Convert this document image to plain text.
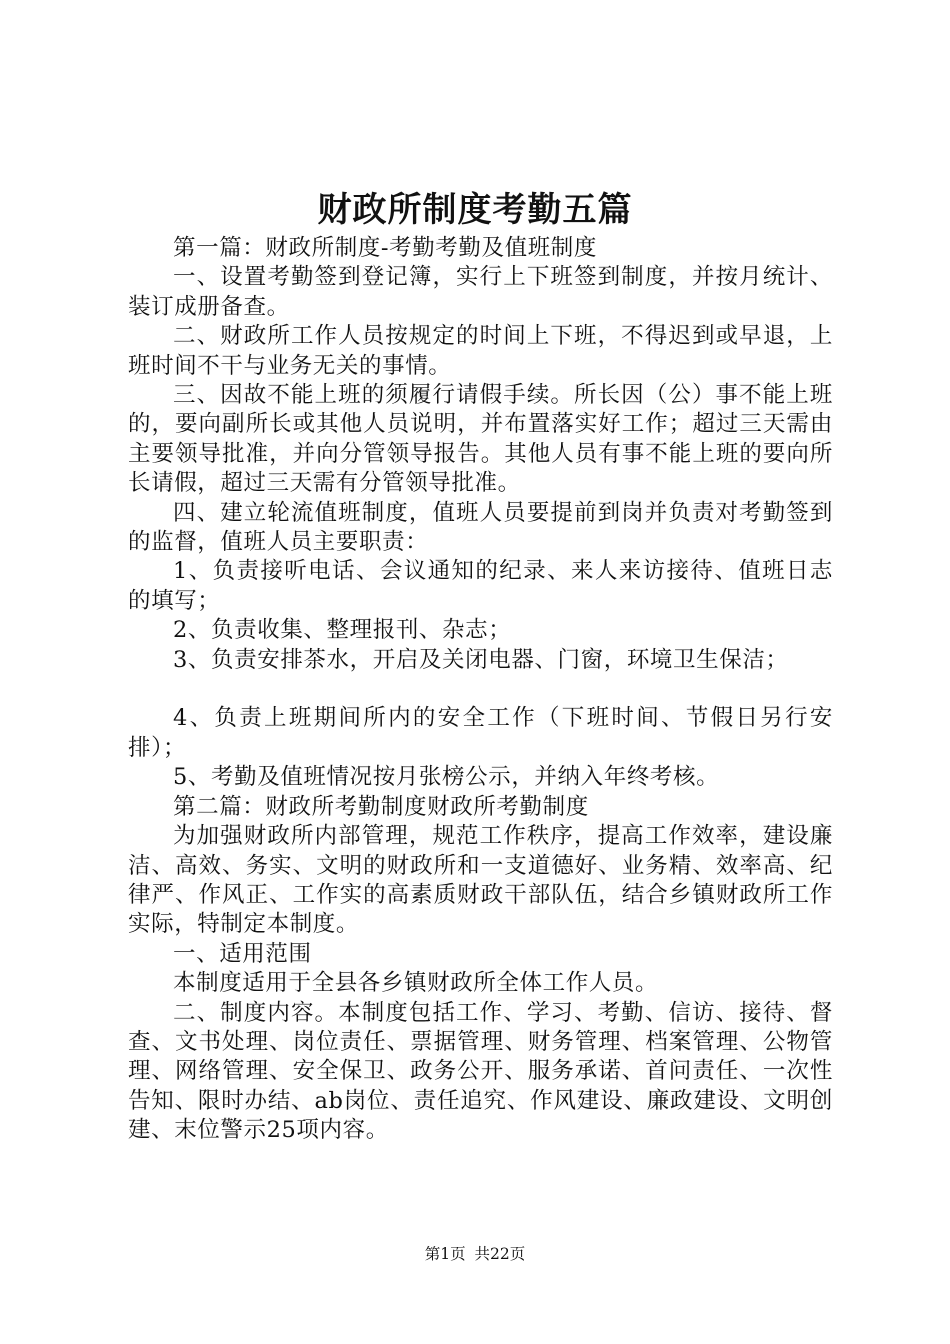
财政所制度考勤五篇

第一篇：财政所制度-考勤考勤及值班制度

一、设置考勤签到登记簿，实行上下班签到制度，并按月统计、装订成册备查。

二、财政所工作人员按规定的时间上下班，不得迟到或早退，上班时间不干与业务无关的事情。

三、因故不能上班的须履行请假手续。所长因（公）事不能上班的，要向副所长或其他人员说明，并布置落实好工作；超过三天需由主要领导批准，并向分管领导报告。其他人员有事不能上班的要向所长请假，超过三天需有分管领导批准。

四、建立轮流值班制度，值班人员要提前到岗并负责对考勤签到的监督，值班人员主要职责：

1、负责接听电话、会议通知的纪录、来人来访接待、值班日志的填写；

2、负责收集、整理报刊、杂志；

3、负责安排茶水，开启及关闭电器、门窗，环境卫生保洁；

4、负责上班期间所内的安全工作（下班时间、节假日另行安排）；

5、考勤及值班情况按月张榜公示，并纳入年终考核。

第二篇：财政所考勤制度财政所考勤制度

为加强财政所内部管理，规范工作秩序，提高工作效率，建设廉洁、高效、务实、文明的财政所和一支道德好、业务精、效率高、纪律严、作风正、工作实的高素质财政干部队伍，结合乡镇财政所工作实际，特制定本制度。

一、适用范围

本制度适用于全县各乡镇财政所全体工作人员。

二、制度内容。本制度包括工作、学习、考勤、信访、接待、督查、文书处理、岗位责任、票据管理、财务管理、档案管理、公物管理、网络管理、安全保卫、政务公开、服务承诺、首问责任、一次性告知、限时办结、ab岗位、责任追究、作风建设、廉政建设、文明创建、末位警示25项内容。

第1页 共22页
